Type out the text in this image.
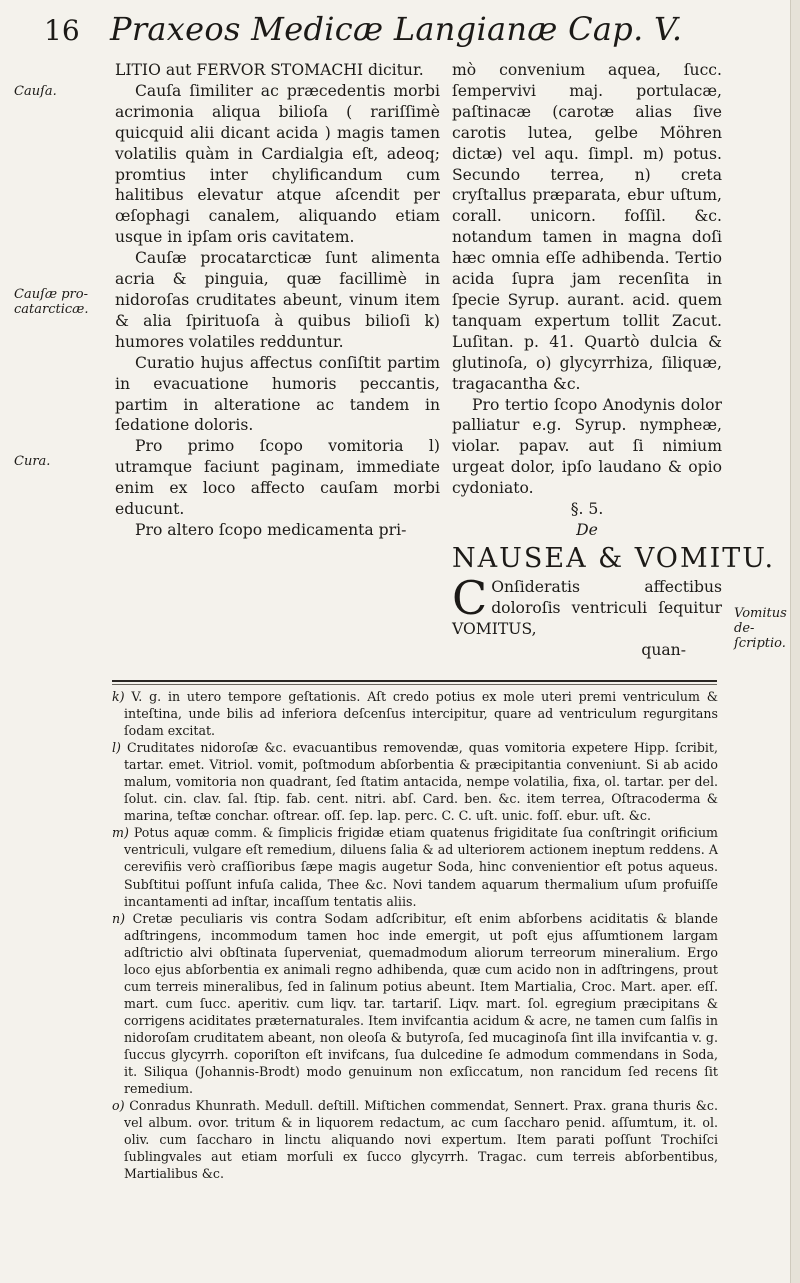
16 Praxeos Medicæ Langianæ Cap. V.
Cauſa.
Cauſæ pro- catarcticæ.
Cura.
Vomitus de- ſcriptio.

LITIO aut FERVOR STOMACHI dicitur.

Cauſa ſimiliter ac præcedentis morbi acrimonia aliqua bilioſa ( rariſſimè quicquid alii dicant acida ) magis tamen volatilis quàm in Cardialgia eſt, adeoq; promtius inter chylificandum cum halitibus elevatur atque aſcendit per œſophagi canalem, aliquando etiam usque in ipſam oris cavitatem.

Cauſæ procatarcticæ ſunt alimenta acria & pinguia, quæ facillimè in nidoroſas cruditates abeunt, vinum item & alia ſpirituoſa à quibus bilioſi k) humores volatiles redduntur.

Curatio hujus affectus conſiſtit partim in evacuatione humoris peccantis, partim in alteratione ac tandem in ſedatione doloris.

Pro primo ſcopo vomitoria l) utramque faciunt paginam, immediate enim ex loco affecto cauſam morbi educunt.

Pro altero ſcopo medicamenta pri-

mò convenium aquea, ſucc. ſempervivi maj. portulacæ, paſtinacæ (carotæ alias ſive carotis lutea, gelbe Möhren dictæ) vel aqu. ſimpl. m) potus. Secundo terrea, n) creta cryſtallus præparata, ebur uſtum, corall. unicorn. foſſil. &c. notandum tamen in magna doſi hæc omnia eſſe adhibenda. Tertio acida ſupra jam recenſita in ſpecie Syrup. aurant. acid. quem tanquam expertum tollit Zacut. Luſitan. p. 41. Quartò dulcia & glutinoſa, o) glycyrrhiza, ſiliquæ, tragacantha &c.

Pro tertio ſcopo Anodynis dolor palliatur e.g. Syrup. nympheæ, violar. papav. aut ſi nimium urgeat dolor, ipſo laudano & opio cydoniato.

§. 5.

De

NAUSEA & VOMITU.

C Onſideratis affectibus doloroſis ventriculi ſequitur VOMITUS,

quan-

k) V. g. in utero tempore geſtationis. Aſt credo potius ex mole uteri premi ventriculum & inteſtina, unde bilis ad inferiora deſcenſus intercipitur, quare ad ventriculum regurgitans ſodam excitat.

l) Cruditates nidoroſæ &c. evacuantibus removendæ, quas vomitoria expetere Hipp. ſcribit, tartar. emet. Vitriol. vomit, poſtmodum abſorbentia & præcipitantia conveniunt. Si ab acido malum, vomitoria non quadrant, ſed ſtatim antacida, nempe volatilia, fixa, ol. tartar. per del. ſolut. cin. clav. ſal. ſtip. fab. cent. nitri. abſ. Card. ben. &c. item terrea, Oſtracoderma & marina, teſtæ conchar. oſtrear. oſſ. ſep. lap. perc. C. C. uſt. unic. foſſ. ebur. uſt. &c.

m) Potus aquæ comm. & ſimplicis frigidæ etiam quatenus frigiditate ſua conſtringit orificium ventriculi, vulgare eſt remedium, diluens ſalia & ad ulteriorem actionem ineptum reddens. A cerevifiis verò craſſioribus ſæpe magis augetur Soda, hinc convenientior eſt potus aqueus. Subſtitui poſſunt infuſa calida, Thee &c. Novi tandem aquarum thermalium uſum profuiſſe incantamenti ad inſtar, incaſſum tentatis aliis.

n) Cretæ peculiaris vis contra Sodam adſcribitur, eſt enim abſorbens aciditatis & blande adſtringens, incommodum tamen hoc inde emergit, ut poſt ejus aſſumtionem largam adſtrictio alvi obſtinata ſuperveniat, quemadmodum aliorum terreorum mineralium. Ergo loco ejus abſorbentia ex animali regno adhibenda, quæ cum acido non in adſtringens, prout cum terreis mineralibus, ſed in ſalinum potius abeunt. Item Martialia, Croc. Mart. aper. eſſ. mart. cum ſucc. aperitiv. cum liqv. tar. tartariſ. Liqv. mart. ſol. egregium præcipitans & corrigens aciditates præternaturales. Item invifcantia acidum & acre, ne tamen cum ſalſis in nidoroſam cruditatem abeant, non oleoſa & butyroſa, ſed mucaginoſa ſint illa invifcantia v. g. ſuccus glycyrrh. coporiſton eſt invifcans, ſua dulcedine ſe admodum commendans in Soda, it. Siliqua (Johannis-Brodt) modo genuinum non exſiccatum, non rancidum ſed recens ſit remedium.

o) Conradus Khunrath. Medull. deſtill. Miſtichen commendat, Sennert. Prax. grana thuris &c. vel album. ovor. tritum & in liquorem redactum, ac cum ſaccharo penid. aſſumtum, it. ol. oliv. cum ſaccharo in linctu aliquando novi expertum. Item parati poſſunt Trochiſci ſublingvales aut etiam morſuli ex ſucco glycyrrh. Tragac. cum terreis abſorbentibus, Martialibus &c.
